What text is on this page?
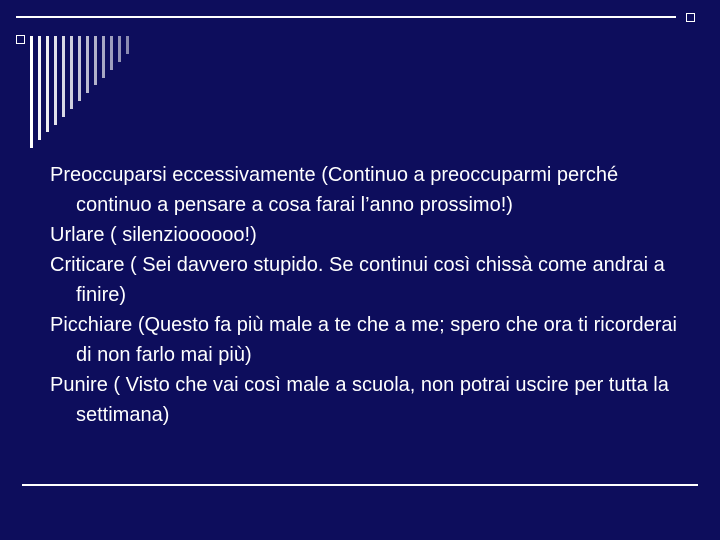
Preoccuparsi eccessivamente (Continuo a preoccuparmi perché continuo a pensare a cosa farai l’anno prossimo!)
Urlare ( silenzioooooo!)
Criticare ( Sei davvero stupido. Se continui così chissà come andrai a finire)
Picchiare (Questo fa più male a te che a me; spero che ora ti ricorderai di non farlo mai più)
Punire ( Visto che vai così male a scuola, non potrai uscire per tutta la settimana)
